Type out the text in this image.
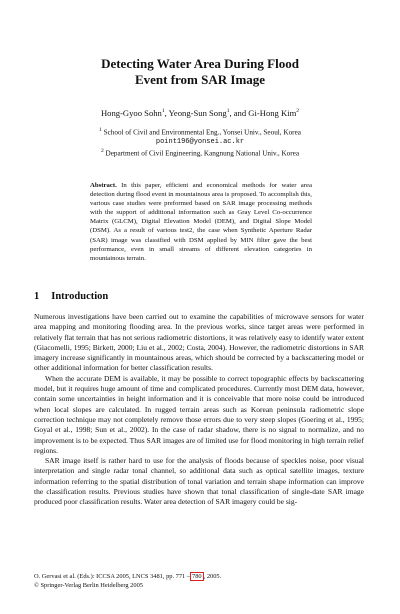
Detecting Water Area During Flood
Event from SAR Image
Hong-Gyoo Sohn$^1$, Yeong-Sun Song$^1$, and Gi-Hong Kim$^2$
$^1$ School of Civil and Environmental Eng., Yonsei Univ., Seoul, Korea
point196@yonsei.ac.kr
$^2$ Department of Civil Engineering, Kangnung National Univ., Korea
Abstract. In this paper, efficient and economical methods for water area detection during flood event in mountainous area is proposed. To accomplish this, various case studies were preformed based on SAR image processing methods with the support of additional information such as Gray Level Co-occurrence Matrix (GLCM), Digital Elevation Model (DEM), and Digital Slope Model (DSM). As a result of various test2, the case when Synthetic Aperture Radar (SAR) image was classified with DSM applied by MIN filter gave the best performance, even in small streams of different elevation categories in mountainous terrain.
1 Introduction

Numerous investigations have been carried out to examine the capabilities of microwave sensors for water area mapping and monitoring flooding area. In the previous works, since target areas were performed in relatively flat terrain that has not serious radiometric distortions, it was relatively easy to identify water extent (Giacomelli, 1995; Birkett, 2000; Liu et al., 2002; Costa, 2004). However, the radiometric distortions in SAR imagery increase significantly in mountainous areas, which should be corrected by a backscattering model or other additional information for better classification results.

When the accurate DEM is available, it may be possible to correct topographic effects by backscattering model, but it requires huge amount of time and complicated procedures. Currently most DEM data, however, contain some uncertainties in height information and it is conceivable that more noise could be introduced when local slopes are calculated. In rugged terrain areas such as Korean peninsula radiometric slope correction technique may not completely remove those errors due to very steep slopes (Goering et al., 1995; Goyal et al., 1998; Sun et al., 2002). In the case of radar shadow, there is no signal to normalize, and no improvement is to be expected. Thus SAR images are of limited use for flood monitoring in high terrain relief regions.

SAR image itself is rather hard to use for the analysis of floods because of speckles noise, poor visual interpretation and single radar tonal channel, so additional data such as optical satellite images, texture information referring to the spatial distribution of tonal variation and terrain shape information can improve the classification results. Previous studies have shown that tonal classification of single-date SAR image produced poor classification results. Water area detection of SAR imagery could be sig-

O. Gervasi et al. (Eds.): ICCSA 2005, LNCS 3481, pp. 771 – 780 , 2005.
© Springer-Verlag Berlin Heidelberg 2005
